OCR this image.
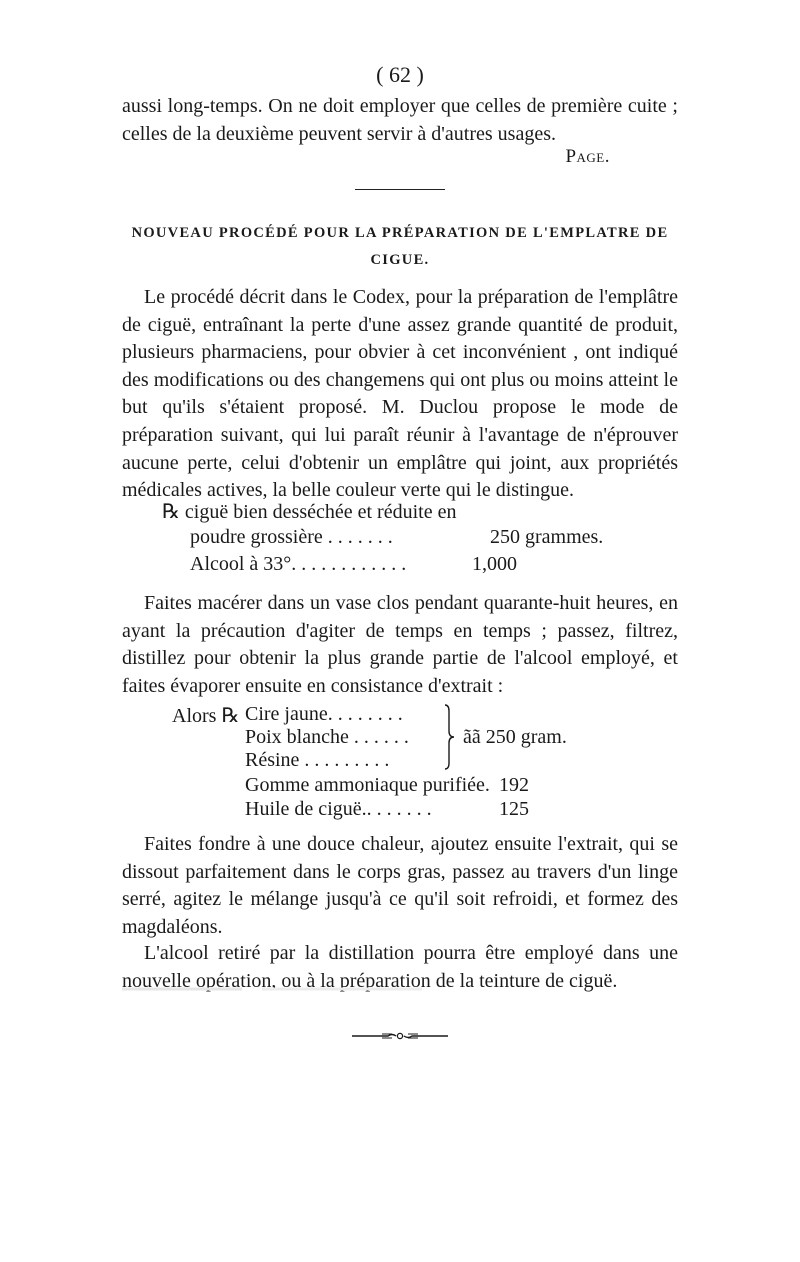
( 62 )

aussi long-temps. On ne doit employer que celles de première cuite ; celles de la deuxième peuvent servir à d'autres usages.

Page.
NOUVEAU PROCÉDÉ POUR LA PRÉPARATION DE L'EMPLATRE DE
CIGUE.

Le procédé décrit dans le Codex, pour la préparation de l'emplâtre de ciguë, entraînant la perte d'une assez grande quantité de produit, plusieurs pharmaciens, pour obvier à cet inconvénient , ont indiqué des modifications ou des changemens qui ont plus ou moins atteint le but qu'ils s'étaient proposé. M. Duclou propose le mode de préparation suivant, qui lui paraît réunir à l'avantage de n'éprouver aucune perte, celui d'obtenir un emplâtre qui joint, aux propriétés médicales actives, la belle couleur verte qui le distingue.

℞ ciguë bien desséchée et réduite en
poudre grossière . . . . . . .	250 grammes.
Alcool à 33°. . . . . . . . . . . .	1,000

Faites macérer dans un vase clos pendant quarante-huit heures, en ayant la précaution d'agiter de temps en temps ; passez, filtrez, distillez pour obtenir la plus grande partie de l'alcool employé, et faites évaporer ensuite en consistance d'extrait :

Alors ℞ Cire jaune. . . . . . . .
Poix blanche . . . . . .
Résine . . . . . . . . .
ãã 250 gram.
Gomme ammoniaque purifiée. 192
Huile de ciguë.. . . . . . .	125

Faites fondre à une douce chaleur, ajoutez ensuite l'extrait, qui se dissout parfaitement dans le corps gras, passez au travers d'un linge serré, agitez le mélange jusqu'à ce qu'il soit refroidi, et formez des magdaléons.

L'alcool retiré par la distillation pourra être employé dans une nouvelle opération, ou à la préparation de la teinture de ciguë.
